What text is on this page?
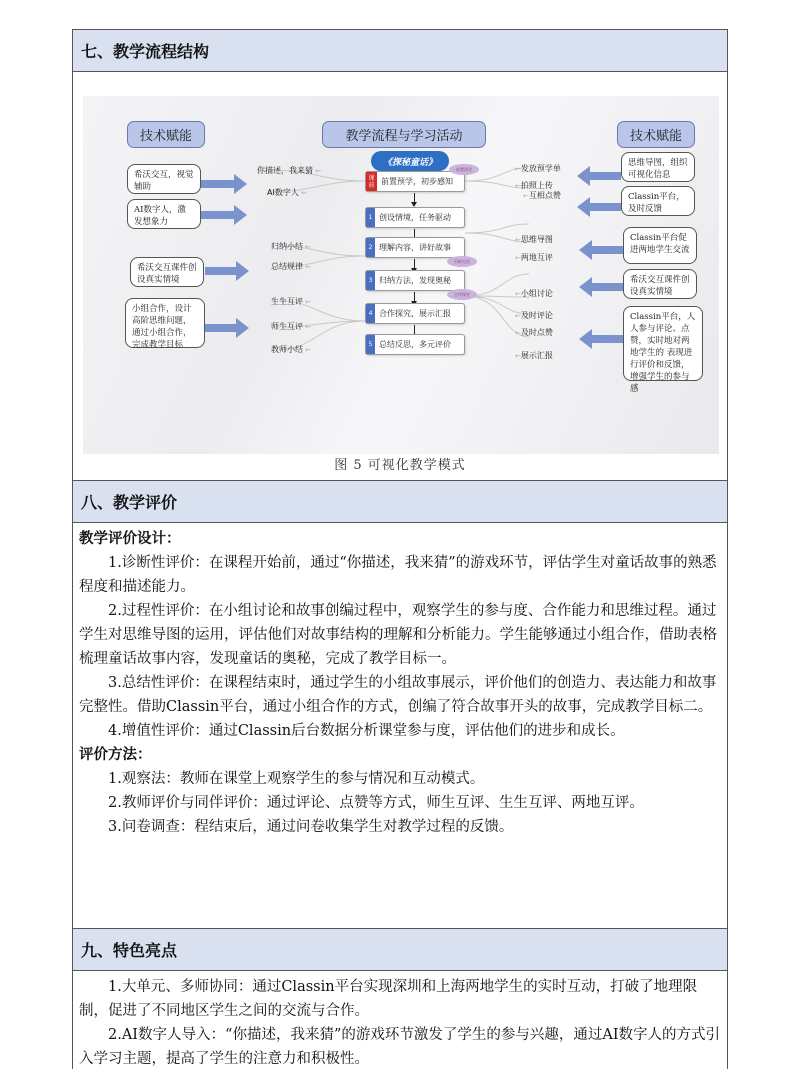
七、教学流程结构
技术赋能	教学流程与学习活动	技术赋能
《探秘童话》
希沃交互，视觉辅助
AI数字人，激发想象力
希沃交互课件创设真实情境
小组合作，设计高阶思维问题，通过小组合作，完成教学目标
你描述，我来猜 ←
AI数字人 ←
归纳小结 ←
总结规律 ←
生生互评 ←
师生互评 ←
教师小结 ←
课前 前置预学，初步感知
1 创设情境，任务驱动
2 理解内容，讲好故事
3 归纳方法，发现奥秘
4 合作探究，展示汇报
5 总结反思，多元评价
前置预学
归纳方法
合作探究
← 发放预学单
← 拍照上传
← 互相点赞
← 思维导图
← 两地互评
← 小组讨论
← 及时评论
← 及时点赞
← 展示汇报
思维导图，组织可视化信息
Classin平台，及时反馈
Classin平台促进两地学生交流
希沃交互课件创设真实情境
Classin平台，人人参与评论、点赞，实时地对两地学生的 表现进行评价和反馈，增强学生的参与感
图 5 可视化教学模式
八、教学评价

教学评价设计：

1.诊断性评价：在课程开始前，通过“你描述，我来猜”的游戏环节，评估学生对童话故事的熟悉程度和描述能力。

2.过程性评价：在小组讨论和故事创编过程中，观察学生的参与度、合作能力和思维过程。通过学生对思维导图的运用，评估他们对故事结构的理解和分析能力。学生能够通过小组合作，借助表格梳理童话故事内容，发现童话的奥秘，完成了教学目标一。

3.总结性评价：在课程结束时，通过学生的小组故事展示，评价他们的创造力、表达能力和故事完整性。借助Classin平台，通过小组合作的方式，创编了符合故事开头的故事，完成教学目标二。

4.增值性评价：通过Classin后台数据分析课堂参与度，评估他们的进步和成长。

评价方法：

1.观察法：教师在课堂上观察学生的参与情况和互动模式。

2.教师评价与同伴评价：通过评论、点赞等方式，师生互评、生生互评、两地互评。

3.问卷调查：程结束后，通过问卷收集学生对教学过程的反馈。

九、特色亮点

1.大单元、多师协同：通过Classin平台实现深圳和上海两地学生的实时互动，打破了地理限制，促进了不同地区学生之间的交流与合作。

2.AI数字人导入：“你描述，我来猜”的游戏环节激发了学生的参与兴趣，通过AI数字人的方式引入学习主题，提高了学生的注意力和积极性。
